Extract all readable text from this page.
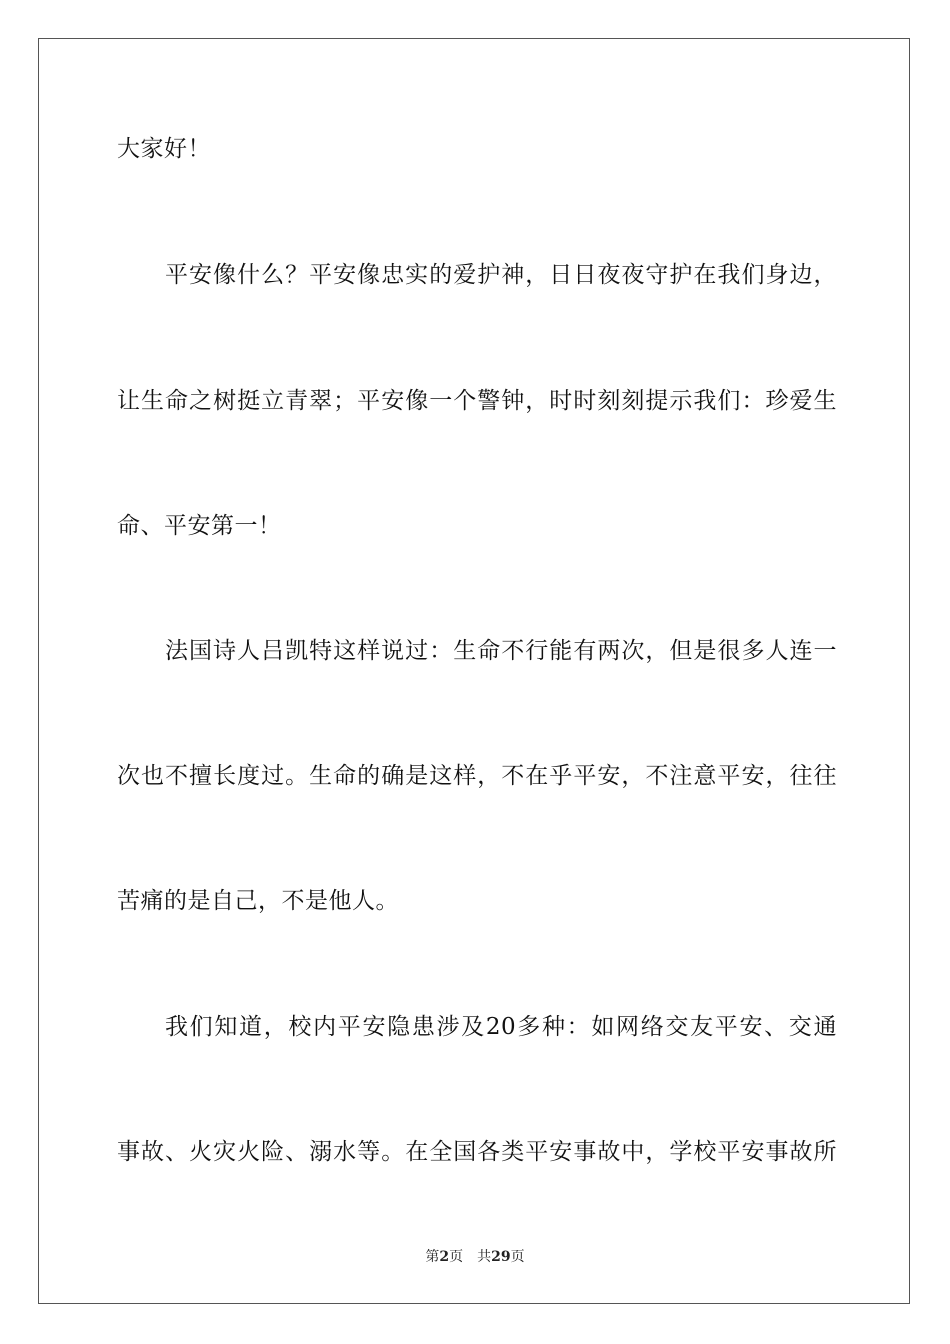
大家好！
平安像什么？平安像忠实的爱护神，日日夜夜守护在我们身边，
让生命之树挺立青翠；平安像一个警钟，时时刻刻提示我们：珍爱生
命、平安第一！
法国诗人吕凯特这样说过：生命不行能有两次，但是很多人连一
次也不擅长度过。生命的确是这样，不在乎平安，不注意平安，往往
苦痛的是自己，不是他人。
我们知道，校内平安隐患涉及20多种：如网络交友平安、交通
事故、火灾火险、溺水等。在全国各类平安事故中，学校平安事故所
第2页 共29页
